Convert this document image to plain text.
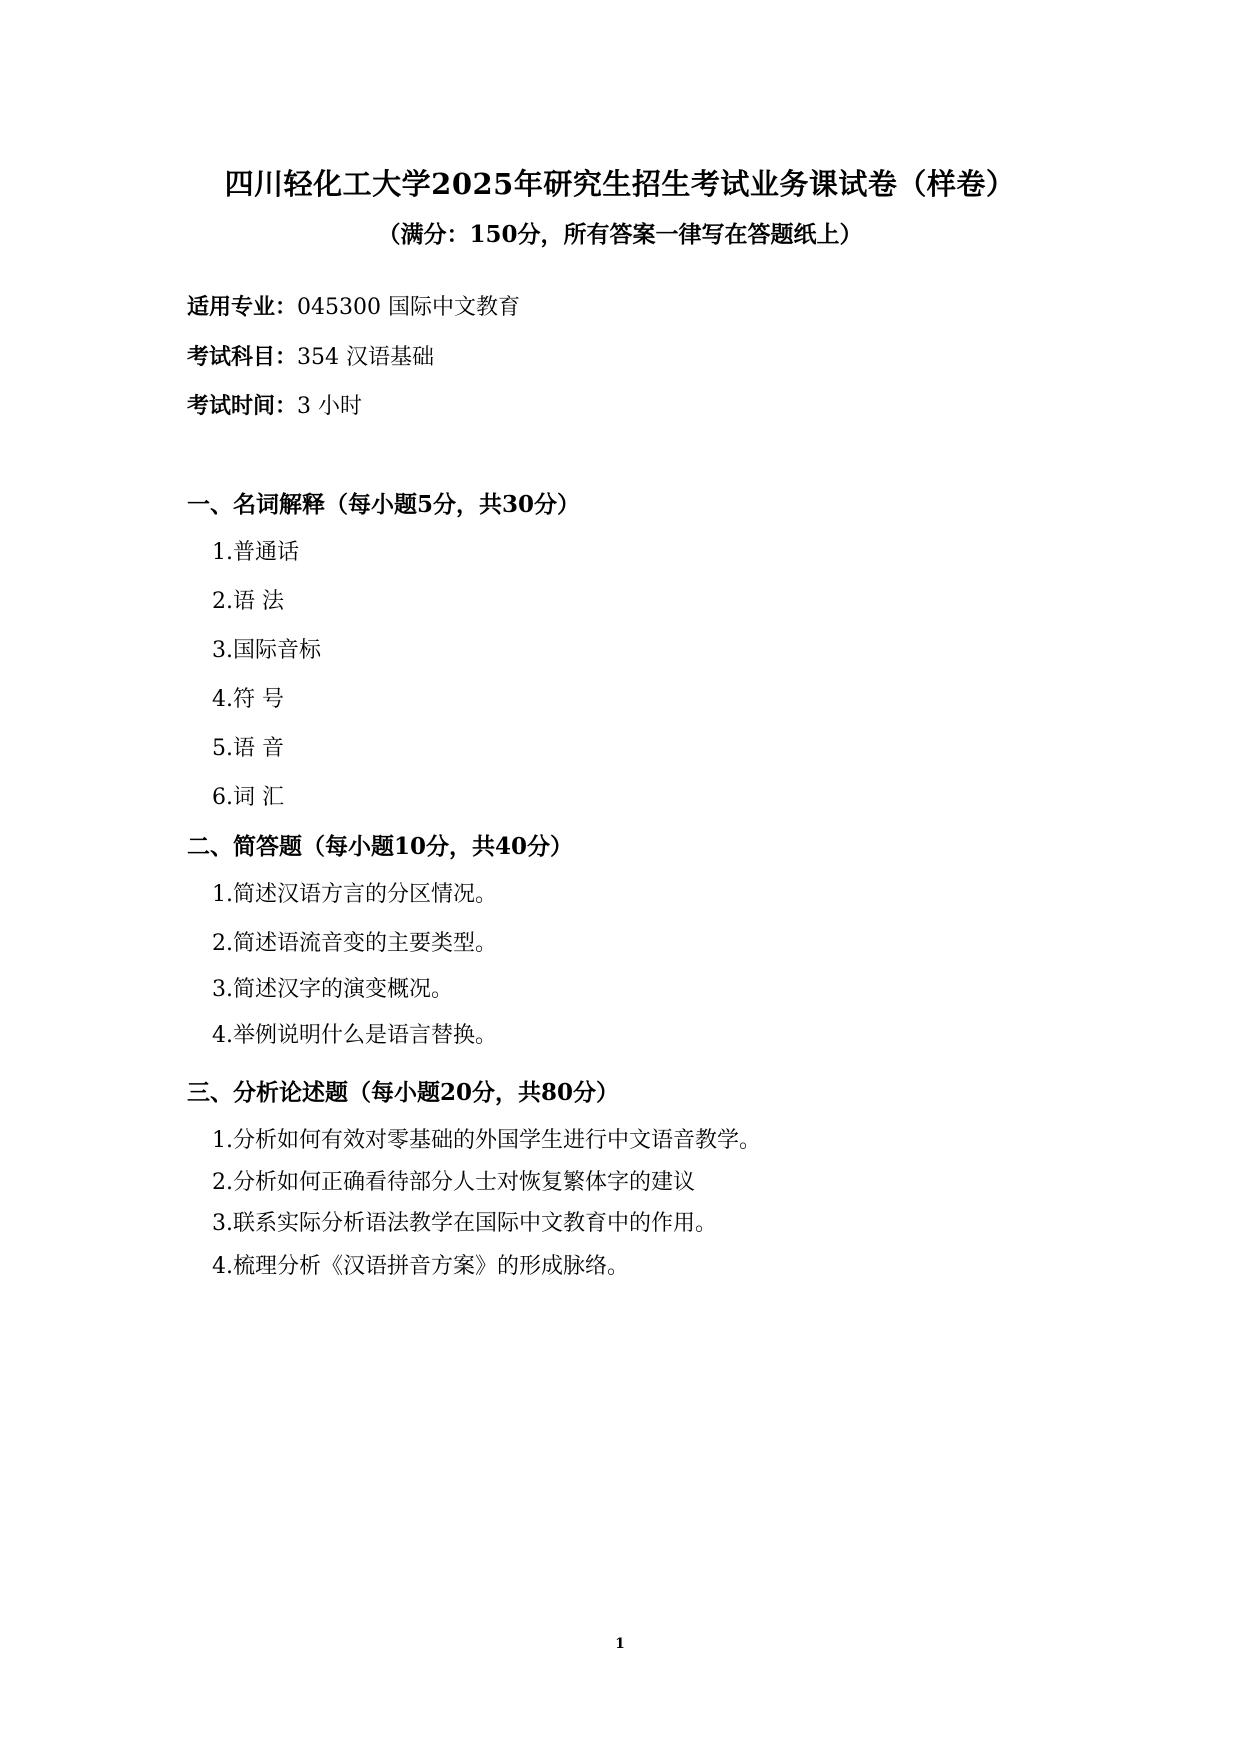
四川轻化工大学2025年研究生招生考试业务课试卷（样卷）
（满分：150分，所有答案一律写在答题纸上）
适用专业：045300 国际中文教育
考试科目：354 汉语基础
考试时间：3 小时
一、名词解释（每小题5分，共30分）
1.普通话
2.语 法
3.国际音标
4.符 号
5.语 音
6.词 汇
二、简答题（每小题10分，共40分）
1.简述汉语方言的分区情况。
2.简述语流音变的主要类型。
3.简述汉字的演变概况。
4.举例说明什么是语言替换。
三、分析论述题（每小题20分，共80分）
1.分析如何有效对零基础的外国学生进行中文语音教学。
2.分析如何正确看待部分人士对恢复繁体字的建议
3.联系实际分析语法教学在国际中文教育中的作用。
4.梳理分析《汉语拼音方案》的形成脉络。
1
